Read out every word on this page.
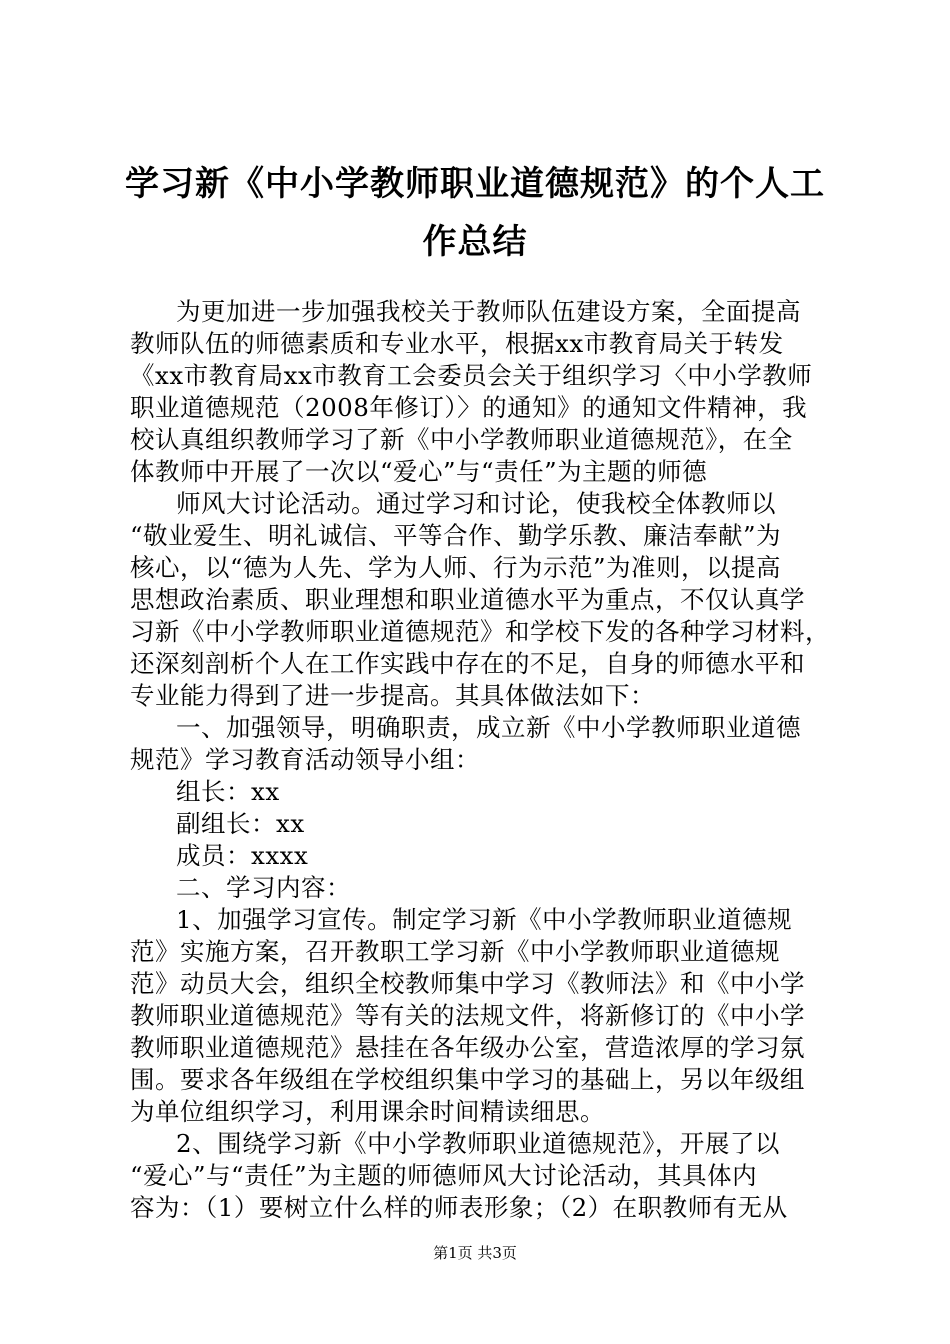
学习新《中小学教师职业道德规范》的个人工
作总结
为更加进一步加强我校关于教师队伍建设方案，全面提高
教师队伍的师德素质和专业水平，根据xx市教育局关于转发
《xx市教育局xx市教育工会委员会关于组织学习〈中小学教师
职业道德规范（2008年修订）〉的通知》的通知文件精神，我
校认真组织教师学习了新《中小学教师职业道德规范》，在全
体教师中开展了一次以“爱心”与“责任”为主题的师德
师风大讨论活动。通过学习和讨论，使我校全体教师以
“敬业爱生、明礼诚信、平等合作、勤学乐教、廉洁奉献”为
核心，以“德为人先、学为人师、行为示范”为准则，以提高
思想政治素质、职业理想和职业道德水平为重点，不仅认真学
习新《中小学教师职业道德规范》和学校下发的各种学习材料，
还深刻剖析个人在工作实践中存在的不足，自身的师德水平和
专业能力得到了进一步提高。其具体做法如下：
一、加强领导，明确职责，成立新《中小学教师职业道德
规范》学习教育活动领导小组：
组长：xx
副组长：xx
成员：xxxx
二、学习内容：
1、加强学习宣传。制定学习新《中小学教师职业道德规
范》实施方案，召开教职工学习新《中小学教师职业道德规
范》动员大会，组织全校教师集中学习《教师法》和《中小学
教师职业道德规范》等有关的法规文件，将新修订的《中小学
教师职业道德规范》悬挂在各年级办公室，营造浓厚的学习氛
围。要求各年级组在学校组织集中学习的基础上，另以年级组
为单位组织学习，利用课余时间精读细思。
2、围绕学习新《中小学教师职业道德规范》，开展了以
“爱心”与“责任”为主题的师德师风大讨论活动，其具体内
容为：（1）要树立什么样的师表形象；（2）在职教师有无从
第1页 共3页
